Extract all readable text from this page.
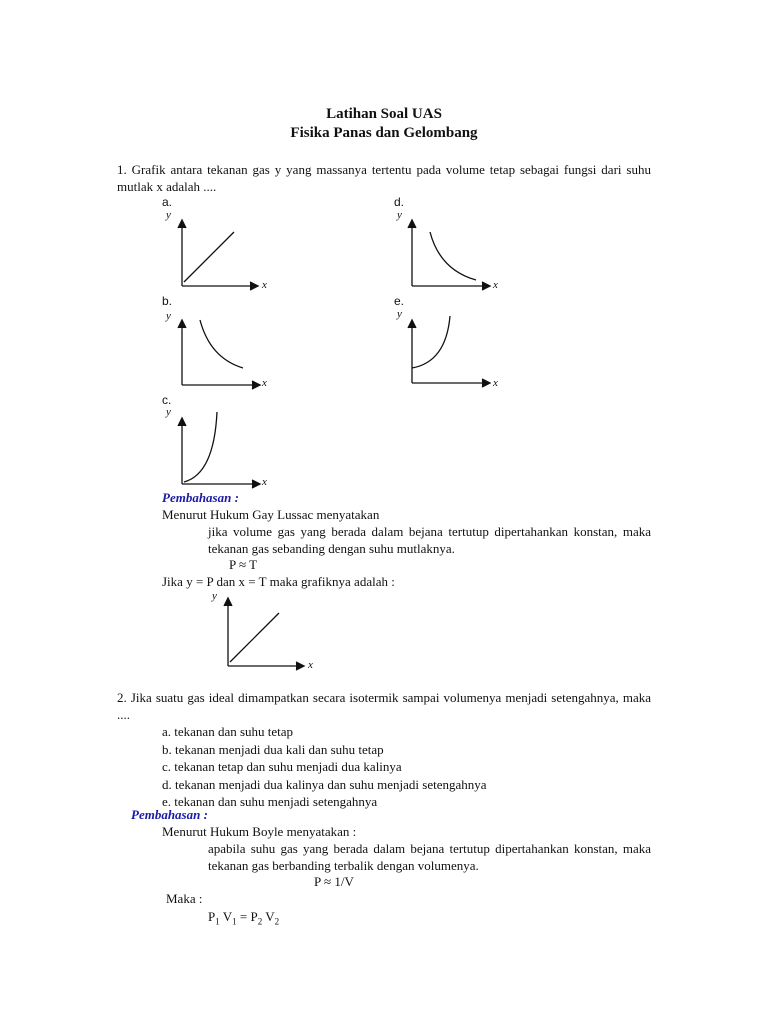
Latihan Soal UAS
Fisika Panas dan Gelombang
1. Grafik antara tekanan gas y yang massanya tertentu pada volume tetap sebagai fungsi dari suhu mutlak x adalah ....
a.	d.
b.	e.
c.
y
x
y
x
y
x
y
x
y
x
Pembahasan :
Menurut Hukum Gay Lussac menyatakan
jika volume gas yang berada dalam bejana tertutup dipertahankan konstan, maka tekanan gas sebanding dengan suhu mutlaknya.
P ≈ T
Jika y = P dan x = T maka grafiknya adalah :
y
x
2. Jika suatu gas ideal dimampatkan secara isotermik sampai volumenya menjadi setengahnya, maka ....
a. tekanan dan suhu tetap
b. tekanan menjadi dua kali dan suhu tetap
c. tekanan tetap dan suhu menjadi dua kalinya
d. tekanan menjadi dua kalinya dan suhu menjadi setengahnya
e. tekanan dan suhu menjadi setengahnya
Pembahasan :
Menurut Hukum Boyle menyatakan :
apabila suhu gas yang berada dalam bejana tertutup dipertahankan konstan, maka tekanan gas berbanding terbalik dengan volumenya.
P ≈ 1/V
Maka :
$P_1$ $V_1 = P_2$ $V_2$
